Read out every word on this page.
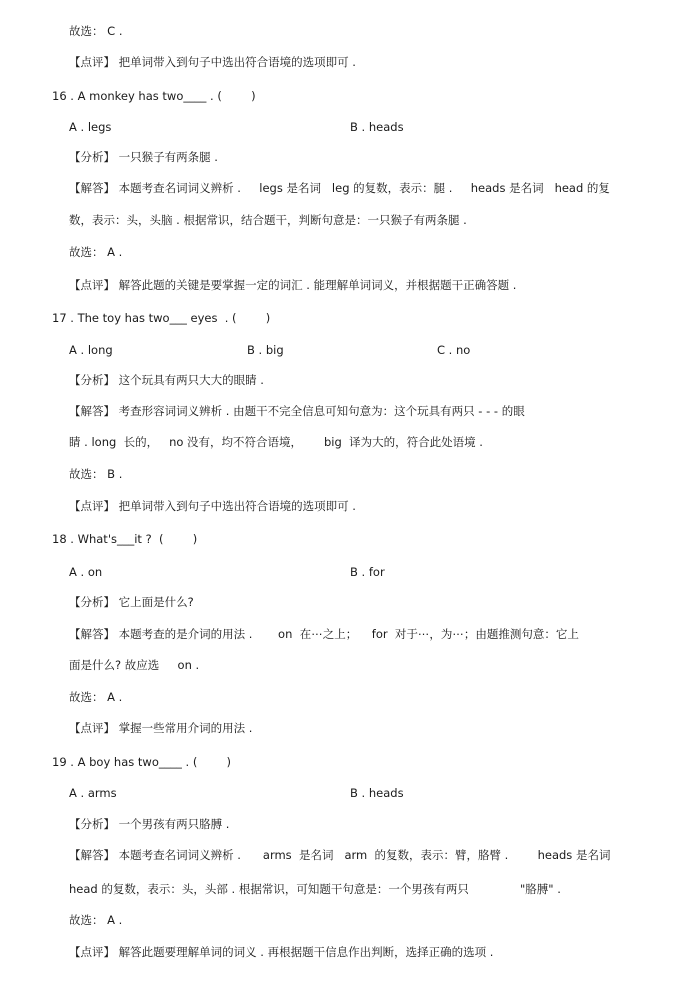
故选： C .
【点评】 把单词带入到句子中选出符合语境的选项即可 .
16 . A monkey has two____ . (        )
A . legs	B . heads
【分析】 一只猴子有两条腿 .
【解答】 本题考查名词词义辨析 .     legs 是名词   leg 的复数，表示：腿 .     heads 是名词   head 的复
数，表示：头，头脑 . 根据常识，结合题干，判断句意是：一只猴子有两条腿 .
故选： A .
【点评】 解答此题的关键是要掌握一定的词汇 . 能理解单词词义，并根据题干正确答题 .
17 . The toy has two___ eyes  . (        )
A . long	B . big	C . no
【分析】 这个玩具有两只大大的眼睛 .
【解答】 考查形容词词义辨析 . 由题干不完全信息可知句意为：这个玩具有两只 - - - 的眼
睛 . long  长的，   no 没有，均不符合语境，      big  译为大的，符合此处语境 .
故选： B .
【点评】 把单词带入到句子中选出符合语境的选项即可 .
18 . What's___it ?  (        )
A . on	B . for
【分析】 它上面是什么?
【解答】 本题考查的是介词的用法 .       on  在⋯之上；    for  对于⋯，为⋯；由题推测句意：它上
面是什么? 故应选     on .
故选： A .
【点评】 掌握一些常用介词的用法 .
19 . A boy has two____ . (        )
A . arms	B . heads
【分析】 一个男孩有两只胳膊 .
【解答】 本题考查名词词义辨析 .      arms  是名词   arm  的复数，表示：臂，胳臂 .        heads 是名词
head 的复数，表示：头，头部 . 根据常识，可知题干句意是：一个男孩有两只              "胳膊" .
故选： A .
【点评】 解答此题要理解单词的词义 . 再根据题干信息作出判断，选择正确的选项 .
